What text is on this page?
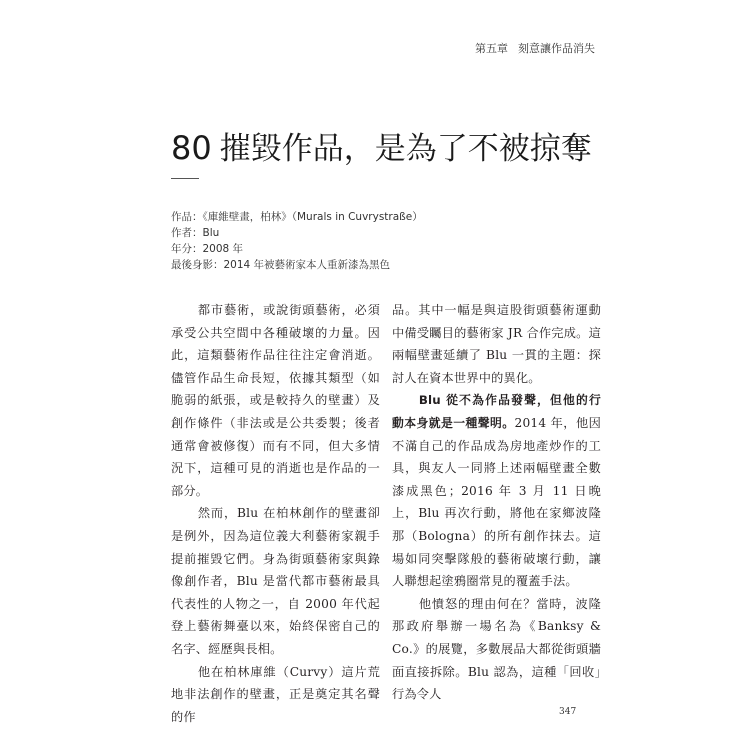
第五章 刻意讓作品消失
80 摧毀作品，是為了不被掠奪
作品：《庫維壁畫，柏林》（Murals in Cuvrystraße）
作者：Blu
年分：2008 年
最後身影：2014 年被藝術家本人重新漆為黑色

都市藝術，或說街頭藝術，必須承受公共空間中各種破壞的力量。因此，這類藝術作品往往注定會消逝。儘管作品生命長短，依據其類型（如脆弱的紙張，或是較持久的壁畫）及創作條件（非法或是公共委製；後者通常會被修復）而有不同，但大多情況下，這種可見的消逝也是作品的一部分。

然而，Blu 在柏林創作的壁畫卻是例外，因為這位義大利藝術家親手提前摧毀它們。身為街頭藝術家與錄像創作者，Blu 是當代都市藝術最具代表性的人物之一，自 2000 年代起登上藝術舞臺以來，始終保密自己的名字、經歷與長相。

他在柏林庫維（Curvy）這片荒地非法創作的壁畫，正是奠定其名聲的作

品。其中一幅是與這股街頭藝術運動中備受矚目的藝術家 JR 合作完成。這兩幅壁畫延續了 Blu 一貫的主題：探討人在資本世界中的異化。

Blu 從不為作品發聲，但他的行動本身就是一種聲明。2014 年，他因不滿自己的作品成為房地產炒作的工具，與友人一同將上述兩幅壁畫全數漆成黑色；2016 年 3 月 11 日晚上，Blu 再次行動，將他在家鄉波隆那（Bologna）的所有創作抹去。這場如同突擊隊般的藝術破壞行動，讓人聯想起塗鴉圈常見的覆蓋手法。

他憤怒的理由何在？當時，波隆那政府舉辦一場名為《Banksy & Co.》的展覽，多數展品大都從街頭牆面直接拆除。Blu 認為，這種「回收」行為令人

347
